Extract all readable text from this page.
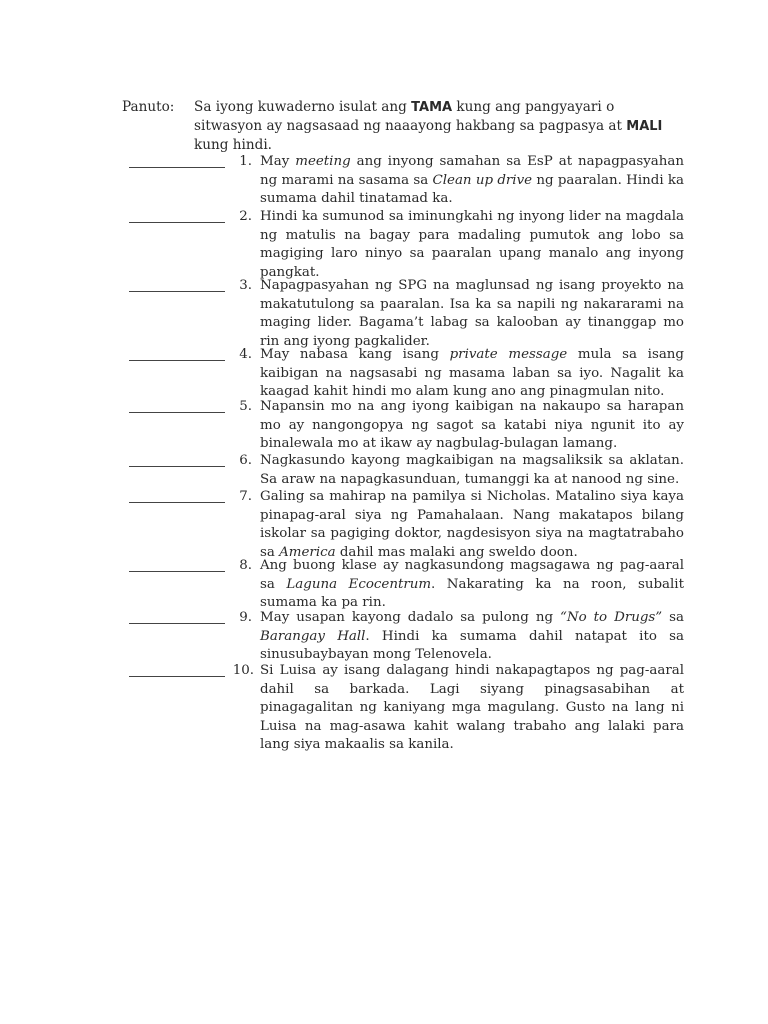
Panuto: Sa iyong kuwaderno isulat ang TAMA kung ang pangyayari o sitwasyon ay nagsasaad ng naaayong hakbang sa pagpasya at MALI kung hindi.
1. May meeting ang inyong samahan sa EsP at napagpasyahan ng marami na sasama sa Clean up drive ng paaralan. Hindi ka sumama dahil tinatamad ka.
2. Hindi ka sumunod sa iminungkahi ng inyong lider na magdala ng matulis na bagay para madaling pumutok ang lobo sa magiging laro ninyo sa paaralan upang manalo ang inyong pangkat.
3. Napagpasyahan ng SPG na maglunsad ng isang proyekto na makatutulong sa paaralan. Isa ka sa napili ng nakararami na maging lider. Bagama’t labag sa kalooban ay tinanggap mo rin ang iyong pagkalider.
4. May nabasa kang isang private message mula sa isang kaibigan na nagsasabi ng masama laban sa iyo. Nagalit ka kaagad kahit hindi mo alam kung ano ang pinagmulan nito.
5. Napansin mo na ang iyong kaibigan na nakaupo sa harapan mo ay nangongopya ng sagot sa katabi niya ngunit ito ay binalewala mo at ikaw ay nagbulag-bulagan lamang.
6. Nagkasundo kayong magkaibigan na magsaliksik sa aklatan. Sa araw na napagkasunduan, tumanggi ka at nanood ng sine.
7. Galing sa mahirap na pamilya si Nicholas. Matalino siya kaya pinapag-aral siya ng Pamahalaan. Nang makatapos bilang iskolar sa pagiging doktor, nagdesisyon siya na magtatrabaho sa America dahil mas malaki ang sweldo doon.
8. Ang buong klase ay nagkasundong magsagawa ng pag-aaral sa Laguna Ecocentrum. Nakarating ka na roon, subalit sumama ka pa rin.
9. May usapan kayong dadalo sa pulong ng “No to Drugs” sa Barangay Hall. Hindi ka sumama dahil natapat ito sa sinusubaybayan mong Telenovela.
10. Si Luisa ay isang dalagang hindi nakapagtapos ng pag-aaral dahil sa barkada. Lagi siyang pinagsasabihan at pinagagalitan ng kaniyang mga magulang. Gusto na lang ni Luisa na mag-asawa kahit walang trabaho ang lalaki para lang siya makaalis sa kanila.
